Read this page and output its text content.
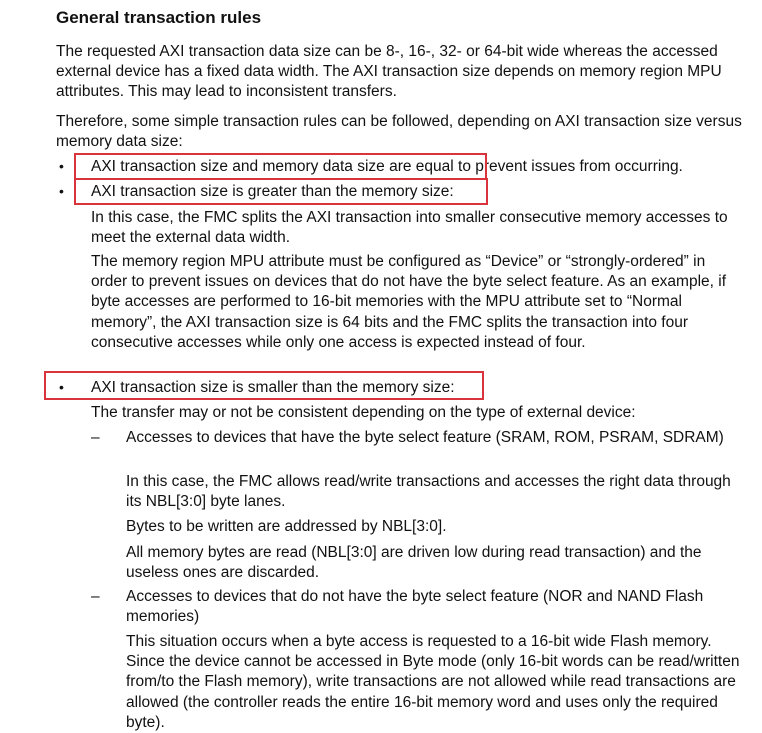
General transaction rules
The requested AXI transaction data size can be 8-, 16-, 32- or 64-bit wide whereas the accessed external device has a fixed data width. The AXI transaction size depends on memory region MPU attributes. This may lead to inconsistent transfers.
Therefore, some simple transaction rules can be followed, depending on AXI transaction size versus memory data size:
• AXI transaction size and memory data size are equal to prevent issues from occurring.
• AXI transaction size is greater than the memory size:
In this case, the FMC splits the AXI transaction into smaller consecutive memory accesses to meet the external data width.
The memory region MPU attribute must be configured as “Device” or “strongly-ordered” in order to prevent issues on devices that do not have the byte select feature. As an example, if byte accesses are performed to 16-bit memories with the MPU attribute set to “Normal memory”, the AXI transaction size is 64 bits and the FMC splits the transaction into four consecutive accesses while only one access is expected instead of four.
• AXI transaction size is smaller than the memory size:
The transfer may or not be consistent depending on the type of external device:
– Accesses to devices that have the byte select feature (SRAM, ROM, PSRAM, SDRAM)
In this case, the FMC allows read/write transactions and accesses the right data through its NBL[3:0] byte lanes.
Bytes to be written are addressed by NBL[3:0].
All memory bytes are read (NBL[3:0] are driven low during read transaction) and the useless ones are discarded.
– Accesses to devices that do not have the byte select feature (NOR and NAND Flash memories)
This situation occurs when a byte access is requested to a 16-bit wide Flash memory. Since the device cannot be accessed in Byte mode (only 16-bit words can be read/written from/to the Flash memory), write transactions are not allowed while read transactions are allowed (the controller reads the entire 16-bit memory word and uses only the required byte).
